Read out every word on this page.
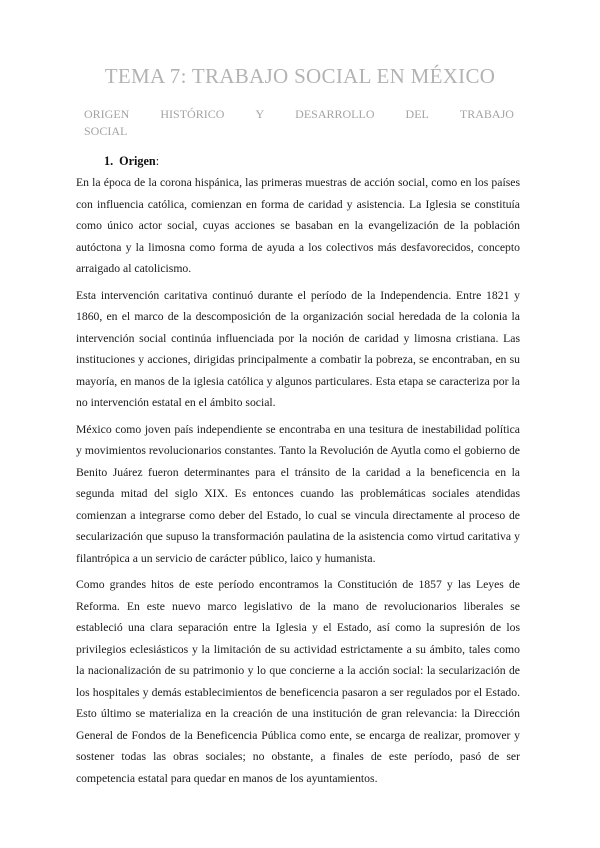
TEMA 7: TRABAJO SOCIAL EN MÉXICO
ORIGEN	HISTÓRICO	Y	DESARROLLO	DEL	TRABAJO
SOCIAL
1. Origen:

En la época de la corona hispánica, las primeras muestras de acción social, como en los países con influencia católica, comienzan en forma de caridad y asistencia. La Iglesia se constituía como único actor social, cuyas acciones se basaban en la evangelización de la población autóctona y la limosna como forma de ayuda a los colectivos más desfavorecidos, concepto arraigado al catolicismo.

Esta intervención caritativa continuó durante el período de la Independencia. Entre 1821 y 1860, en el marco de la descomposición de la organización social heredada de la colonia la intervención social continúa influenciada por la noción de caridad y limosna cristiana. Las instituciones y acciones, dirigidas principalmente a combatir la pobreza, se encontraban, en su mayoría, en manos de la iglesia católica y algunos particulares. Esta etapa se caracteriza por la no intervención estatal en el ámbito social.

México como joven país independiente se encontraba en una tesitura de inestabilidad política y movimientos revolucionarios constantes. Tanto la Revolución de Ayutla como el gobierno de Benito Juárez fueron determinantes para el tránsito de la caridad a la beneficencia en la segunda mitad del siglo XIX. Es entonces cuando las problemáticas sociales atendidas comienzan a integrarse como deber del Estado, lo cual se vincula directamente al proceso de secularización que supuso la transformación paulatina de la asistencia como virtud caritativa y filantrópica a un servicio de carácter público, laico y humanista.

Como grandes hitos de este período encontramos la Constitución de 1857 y las Leyes de Reforma. En este nuevo marco legislativo de la mano de revolucionarios liberales se estableció una clara separación entre la Iglesia y el Estado, así como la supresión de los privilegios eclesiásticos y la limitación de su actividad estrictamente a su ámbito, tales como la nacionalización de su patrimonio y lo que concierne a la acción social: la secularización de los hospitales y demás establecimientos de beneficencia pasaron a ser regulados por el Estado. Esto último se materializa en la creación de una institución de gran relevancia: la Dirección General de Fondos de la Beneficencia Pública como ente, se encarga de realizar, promover y sostener todas las obras sociales; no obstante, a finales de este período, pasó de ser competencia estatal para quedar en manos de los ayuntamientos.
